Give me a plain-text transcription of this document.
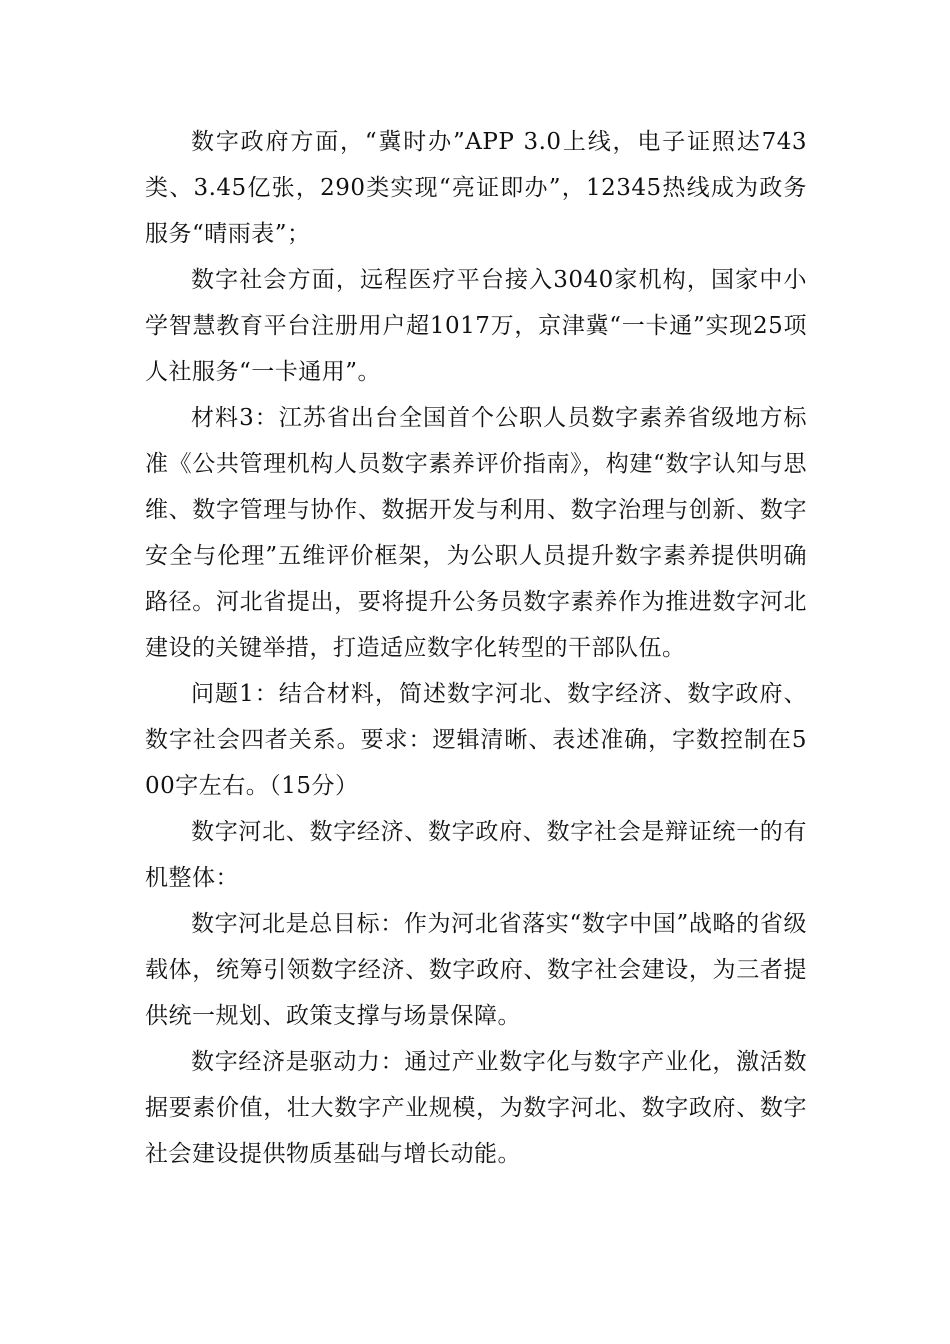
数字政府方面，“冀时办”APP 3.0上线，电子证照达743类、3.45亿张，290类实现“亮证即办”，12345热线成为政务服务“晴雨表”；

数字社会方面，远程医疗平台接入3040家机构，国家中小学智慧教育平台注册用户超1017万，京津冀“一卡通”实现25项人社服务“一卡通用”。

材料3：江苏省出台全国首个公职人员数字素养省级地方标准《公共管理机构人员数字素养评价指南》，构建“数字认知与思维、数字管理与协作、数据开发与利用、数字治理与创新、数字安全与伦理”五维评价框架，为公职人员提升数字素养提供明确路径。河北省提出，要将提升公务员数字素养作为推进数字河北建设的关键举措，打造适应数字化转型的干部队伍。

问题1：结合材料，简述数字河北、数字经济、数字政府、数字社会四者关系。要求：逻辑清晰、表述准确，字数控制在500字左右。（15分）

数字河北、数字经济、数字政府、数字社会是辩证统一的有机整体：

数字河北是总目标：作为河北省落实“数字中国”战略的省级载体，统筹引领数字经济、数字政府、数字社会建设，为三者提供统一规划、政策支撑与场景保障。

数字经济是驱动力：通过产业数字化与数字产业化，激活数据要素价值，壮大数字产业规模，为数字河北、数字政府、数字社会建设提供物质基础与增长动能。
